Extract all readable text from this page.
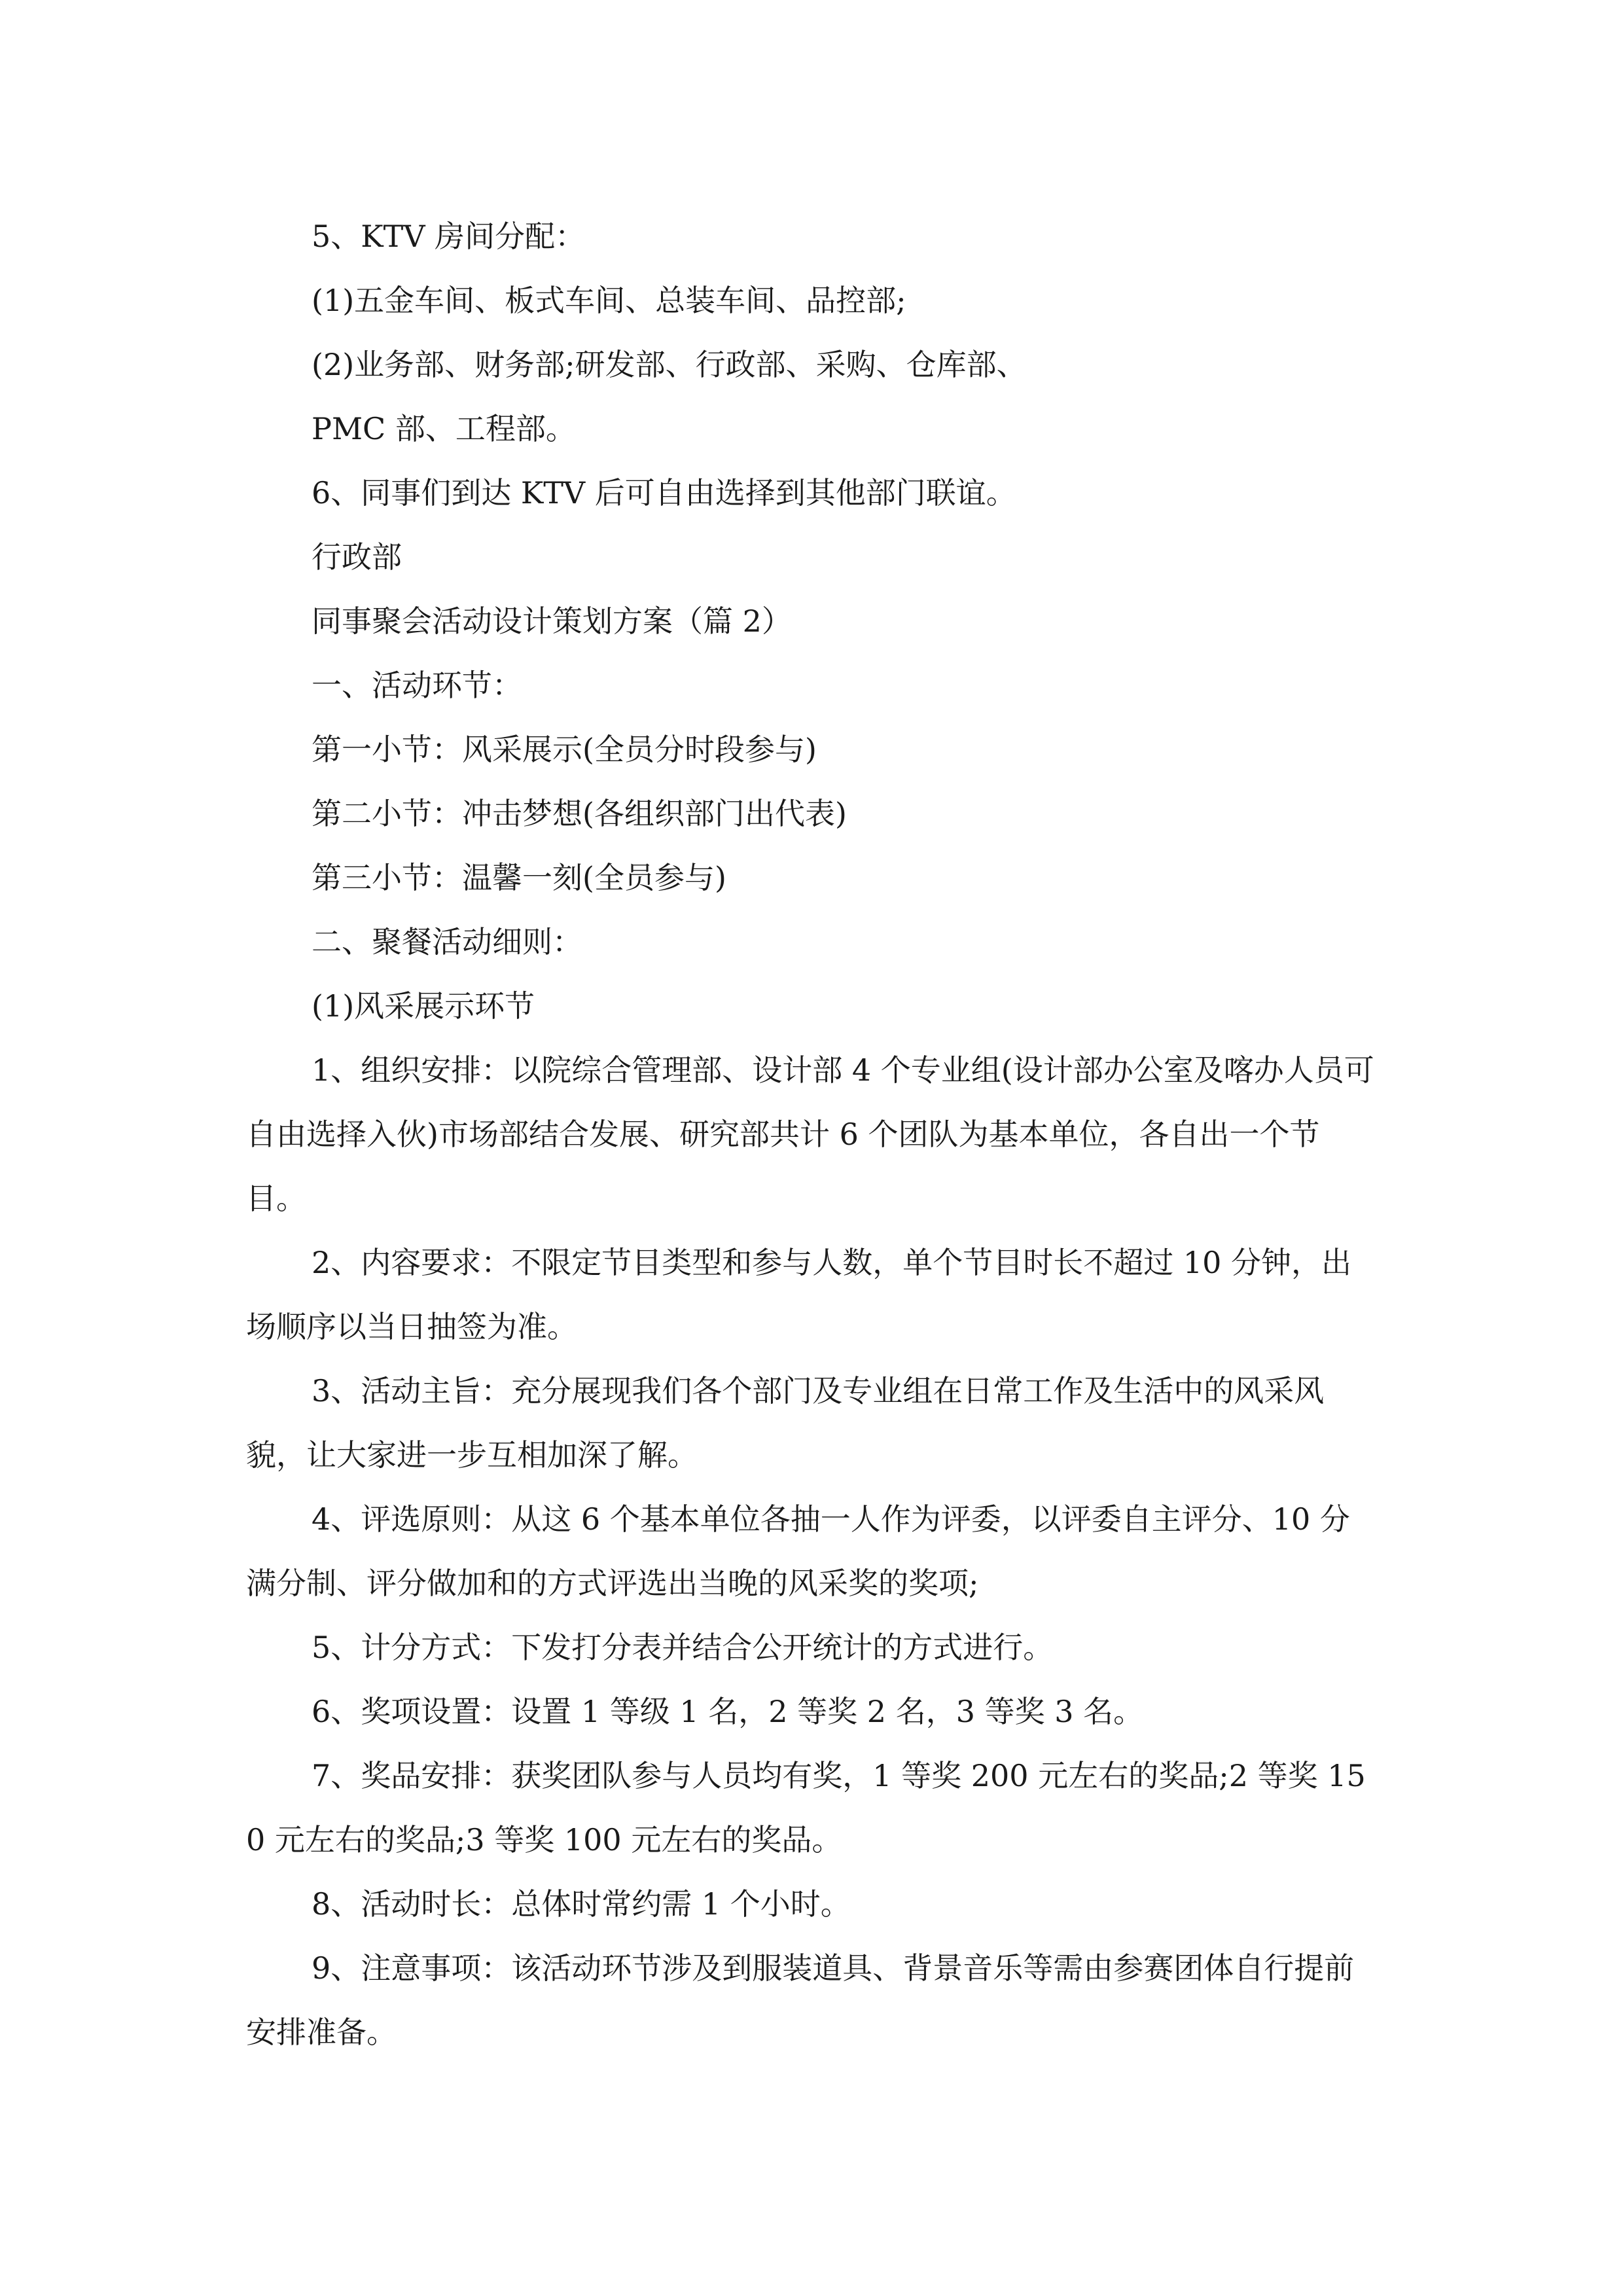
5、KTV 房间分配：

(1)五金车间、板式车间、总装车间、品控部;

(2)业务部、财务部;研发部、行政部、采购、仓库部、

PMC 部、工程部。

6、同事们到达 KTV 后可自由选择到其他部门联谊。

行政部

同事聚会活动设计策划方案（篇 2）

一、活动环节：

第一小节：风采展示(全员分时段参与)

第二小节：冲击梦想(各组织部门出代表)

第三小节：温馨一刻(全员参与)

二、聚餐活动细则：

(1)风采展示环节

1、组织安排：以院综合管理部、设计部 4 个专业组(设计部办公室及喀办人员可自由选择入伙)市场部结合发展、研究部共计 6 个团队为基本单位，各自出一个节目。

2、内容要求：不限定节目类型和参与人数，单个节目时长不超过 10 分钟，出场顺序以当日抽签为准。

3、活动主旨：充分展现我们各个部门及专业组在日常工作及生活中的风采风貌，让大家进一步互相加深了解。

4、评选原则：从这 6 个基本单位各抽一人作为评委，以评委自主评分、10 分满分制、评分做加和的方式评选出当晚的风采奖的奖项;

5、计分方式：下发打分表并结合公开统计的方式进行。

6、奖项设置：设置 1 等级 1 名，2 等奖 2 名，3 等奖 3 名。

7、奖品安排：获奖团队参与人员均有奖，1 等奖 200 元左右的奖品;2 等奖 150 元左右的奖品;3 等奖 100 元左右的奖品。

8、活动时长：总体时常约需 1 个小时。

9、注意事项：该活动环节涉及到服装道具、背景音乐等需由参赛团体自行提前安排准备。
